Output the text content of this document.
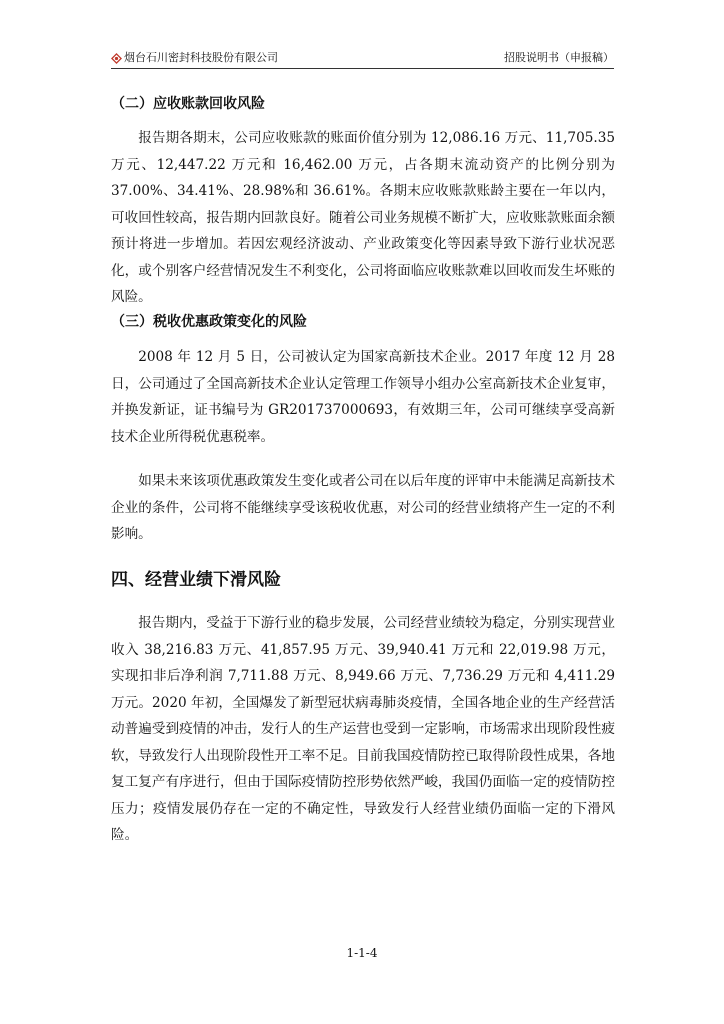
烟台石川密封科技股份有限公司	招股说明书（申报稿）
（二）应收账款回收风险

报告期各期末，公司应收账款的账面价值分别为 12,086.16 万元、11,705.35 万元、12,447.22 万元和 16,462.00 万元，占各期末流动资产的比例分别为 37.00%、34.41%、28.98%和 36.61%。各期末应收账款账龄主要在一年以内，可收回性较高，报告期内回款良好。随着公司业务规模不断扩大，应收账款账面余额预计将进一步增加。若因宏观经济波动、产业政策变化等因素导致下游行业状况恶化，或个别客户经营情况发生不利变化，公司将面临应收账款难以回收而发生坏账的风险。

（三）税收优惠政策变化的风险

2008 年 12 月 5 日，公司被认定为国家高新技术企业。2017 年度 12 月 28 日，公司通过了全国高新技术企业认定管理工作领导小组办公室高新技术企业复审，并换发新证，证书编号为 GR201737000693，有效期三年，公司可继续享受高新技术企业所得税优惠税率。

如果未来该项优惠政策发生变化或者公司在以后年度的评审中未能满足高新技术企业的条件，公司将不能继续享受该税收优惠，对公司的经营业绩将产生一定的不利影响。

四、经营业绩下滑风险

报告期内，受益于下游行业的稳步发展，公司经营业绩较为稳定，分别实现营业收入 38,216.83 万元、41,857.95 万元、39,940.41 万元和 22,019.98 万元，实现扣非后净利润 7,711.88 万元、8,949.66 万元、7,736.29 万元和 4,411.29 万元。2020 年初，全国爆发了新型冠状病毒肺炎疫情，全国各地企业的生产经营活动普遍受到疫情的冲击，发行人的生产运营也受到一定影响，市场需求出现阶段性疲软，导致发行人出现阶段性开工率不足。目前我国疫情防控已取得阶段性成果，各地复工复产有序进行，但由于国际疫情防控形势依然严峻，我国仍面临一定的疫情防控压力；疫情发展仍存在一定的不确定性，导致发行人经营业绩仍面临一定的下滑风险。

1-1-4
